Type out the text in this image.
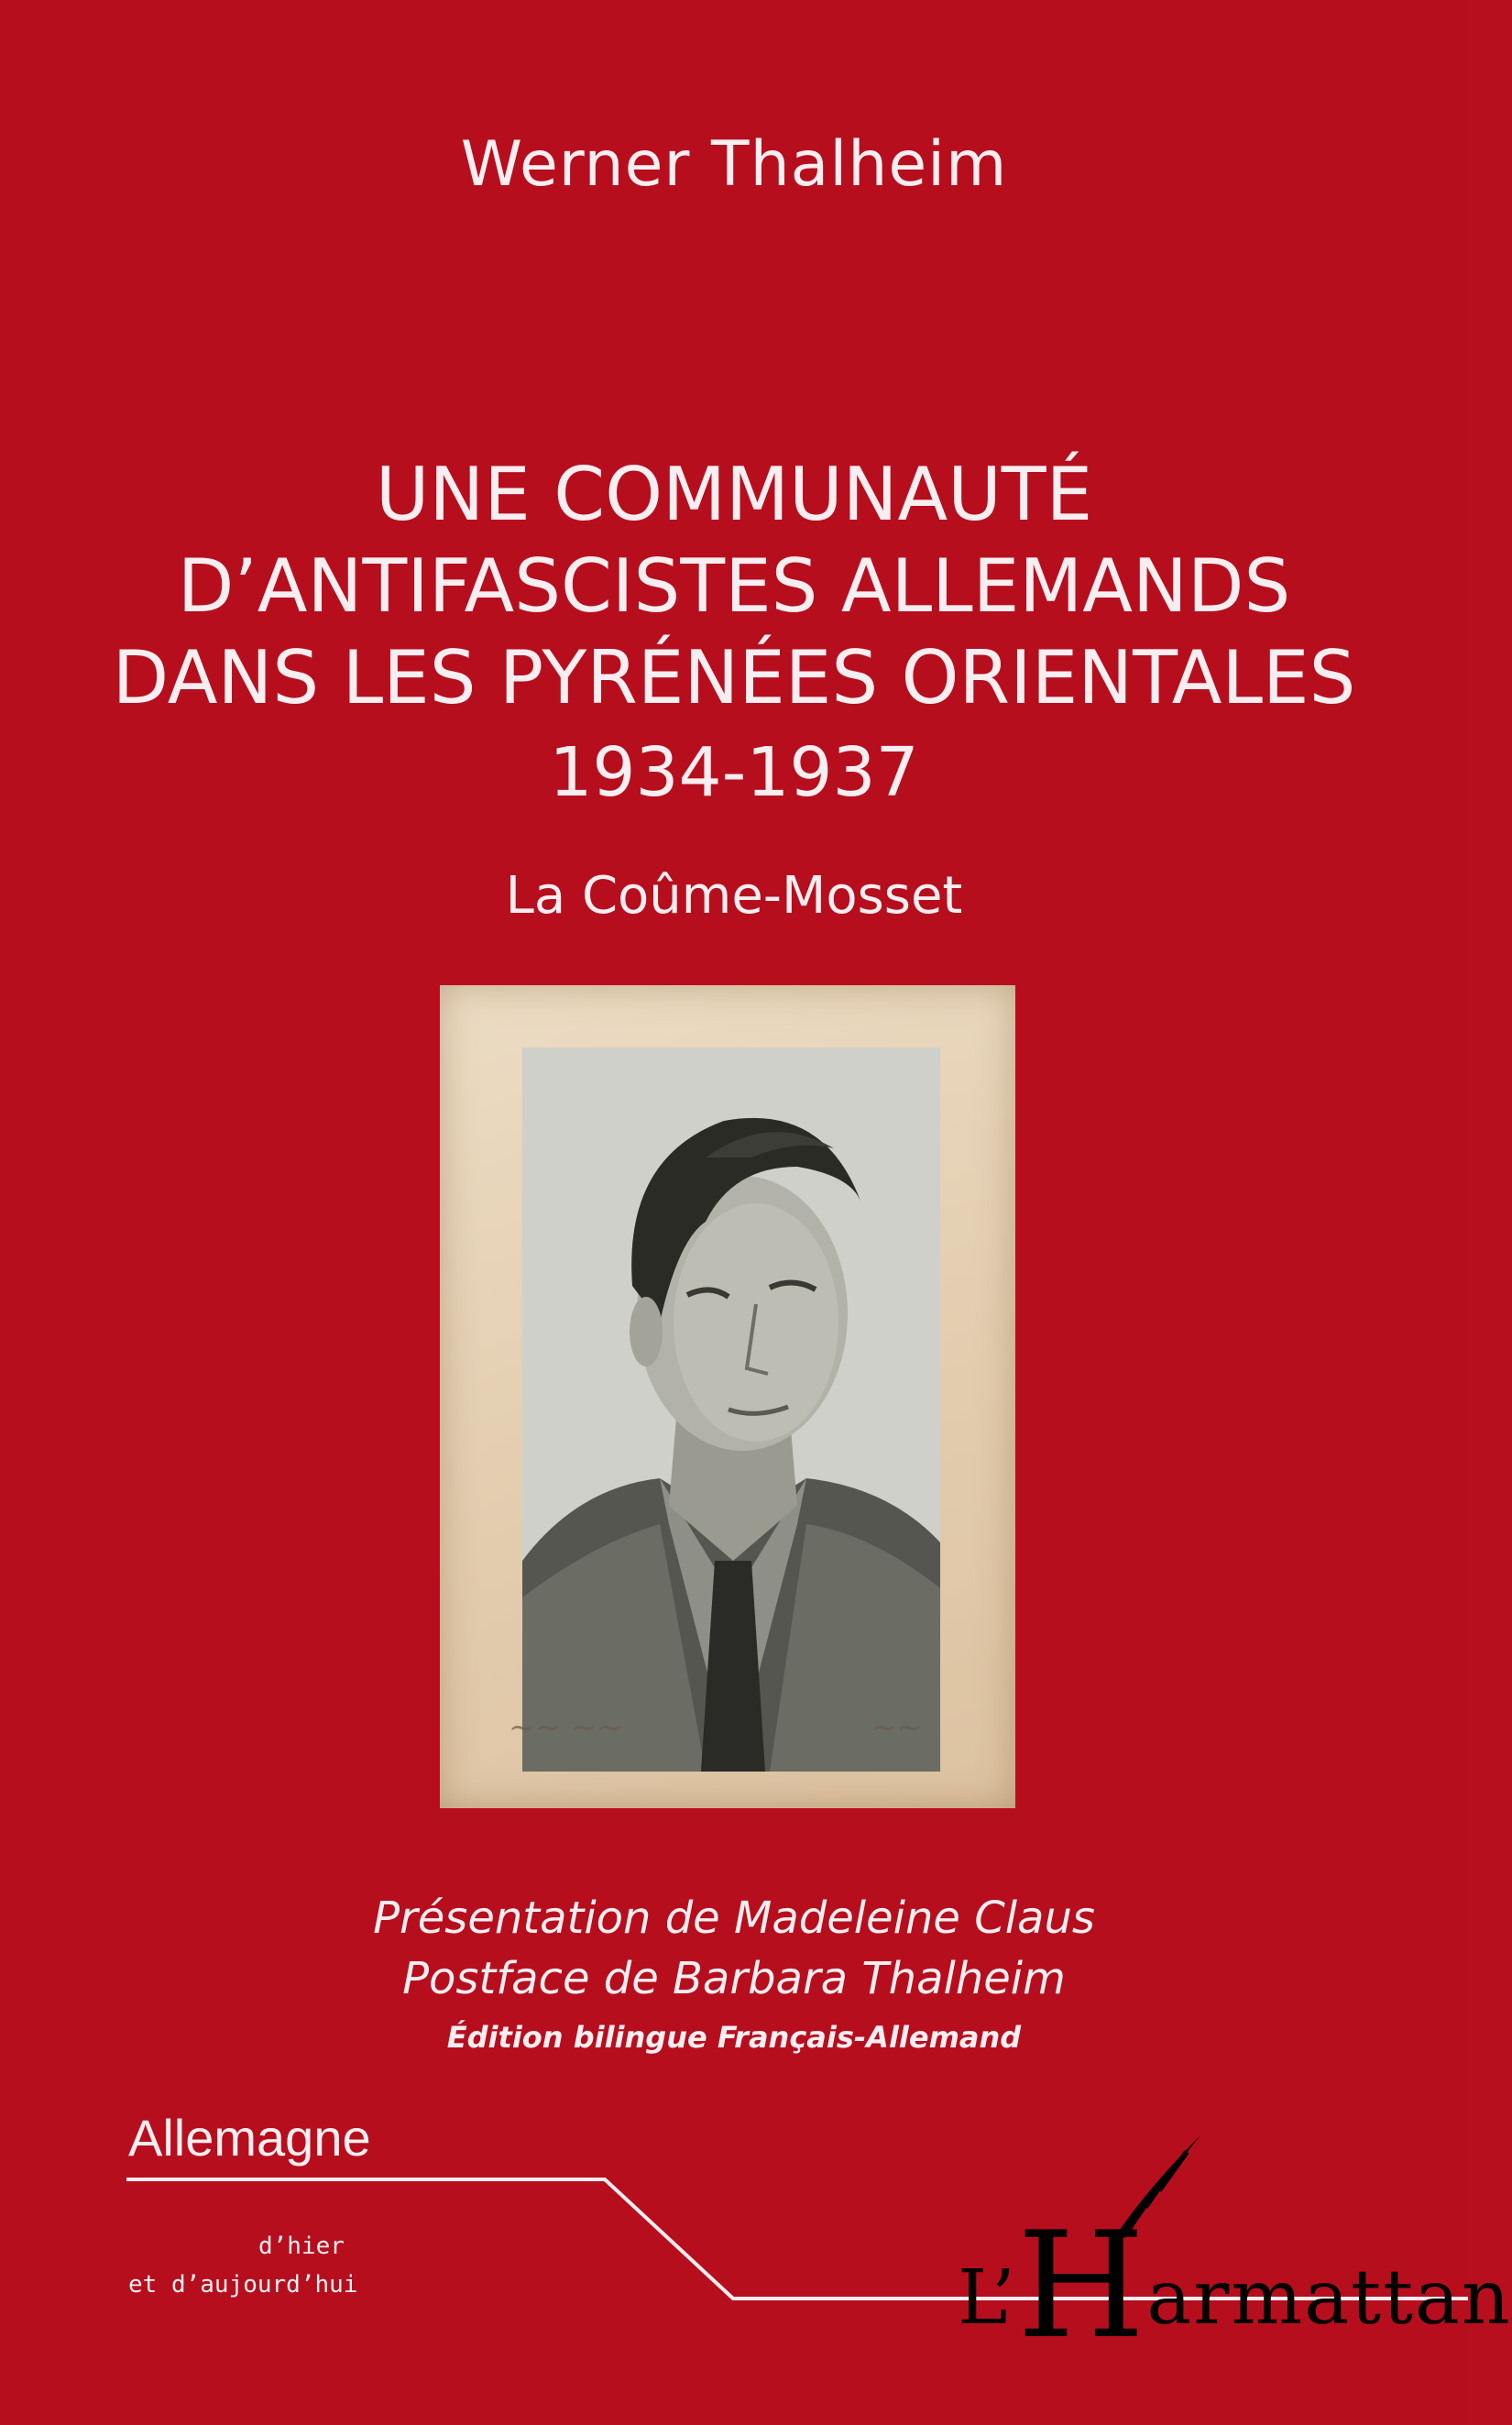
Werner Thalheim
UNE COMMUNAUTÉ
D’ANTIFASCISTES ALLEMANDS
DANS LES PYRÉNÉES ORIENTALES
1934-1937
La Coûme-Mosset
~~ ~~	~~
Présentation de Madeleine Claus
Postface de Barbara Thalheim
Édition bilingue Français-Allemand
Allemagne
d’hier
et d’aujourd’hui	L’Harmattan
